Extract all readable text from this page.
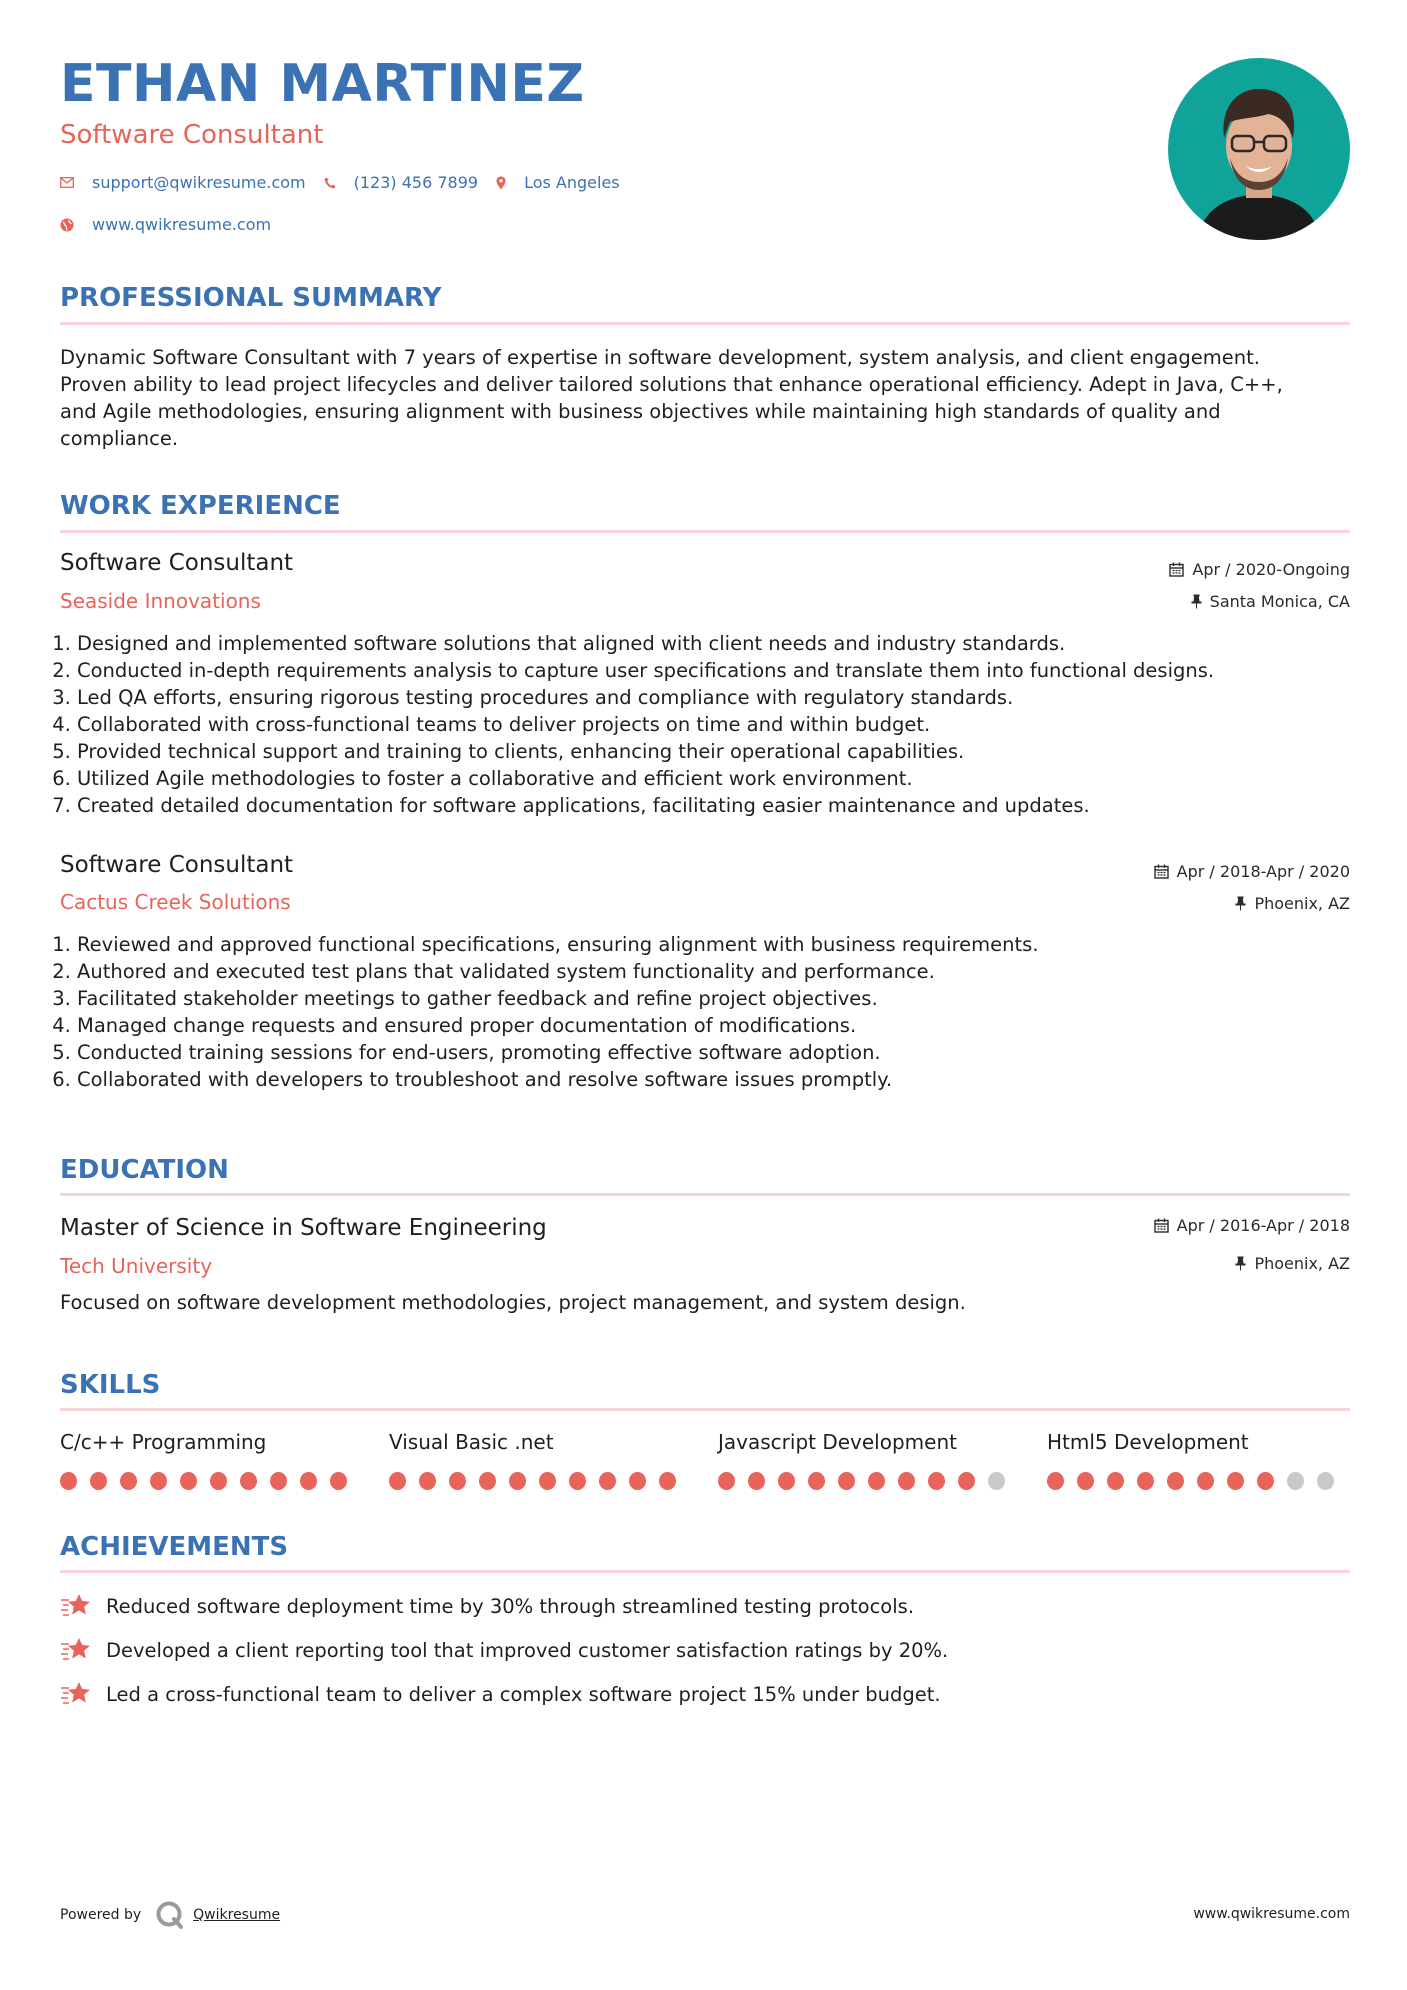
ETHAN MARTINEZ
Software Consultant
support@qwikresume.com	(123) 456 7899	Los Angeles
www.qwikresume.com
PROFESSIONAL SUMMARY
Dynamic Software Consultant with 7 years of expertise in software development, system analysis, and client engagement.
Proven ability to lead project lifecycles and deliver tailored solutions that enhance operational efficiency. Adept in Java, C++,
and Agile methodologies, ensuring alignment with business objectives while maintaining high standards of quality and
compliance.
WORK EXPERIENCE
Software Consultant
Seaside Innovations
Apr / 2020-Ongoing
Santa Monica, CA
1. Designed and implemented software solutions that aligned with client needs and industry standards.
2. Conducted in-depth requirements analysis to capture user specifications and translate them into functional designs.
3. Led QA efforts, ensuring rigorous testing procedures and compliance with regulatory standards.
4. Collaborated with cross-functional teams to deliver projects on time and within budget.
5. Provided technical support and training to clients, enhancing their operational capabilities.
6. Utilized Agile methodologies to foster a collaborative and efficient work environment.
7. Created detailed documentation for software applications, facilitating easier maintenance and updates.
Software Consultant
Cactus Creek Solutions
Apr / 2018-Apr / 2020
Phoenix, AZ
1. Reviewed and approved functional specifications, ensuring alignment with business requirements.
2. Authored and executed test plans that validated system functionality and performance.
3. Facilitated stakeholder meetings to gather feedback and refine project objectives.
4. Managed change requests and ensured proper documentation of modifications.
5. Conducted training sessions for end-users, promoting effective software adoption.
6. Collaborated with developers to troubleshoot and resolve software issues promptly.
EDUCATION
Master of Science in Software Engineering
Tech University
Apr / 2016-Apr / 2018
Phoenix, AZ
Focused on software development methodologies, project management, and system design.
SKILLS
C/c++ Programming	Visual Basic .net	Javascript Development	Html5 Development
ACHIEVEMENTS
Reduced software deployment time by 30% through streamlined testing protocols.
Developed a client reporting tool that improved customer satisfaction ratings by 20%.
Led a cross-functional team to deliver a complex software project 15% under budget.
Powered by	Qwikresume	www.qwikresume.com
